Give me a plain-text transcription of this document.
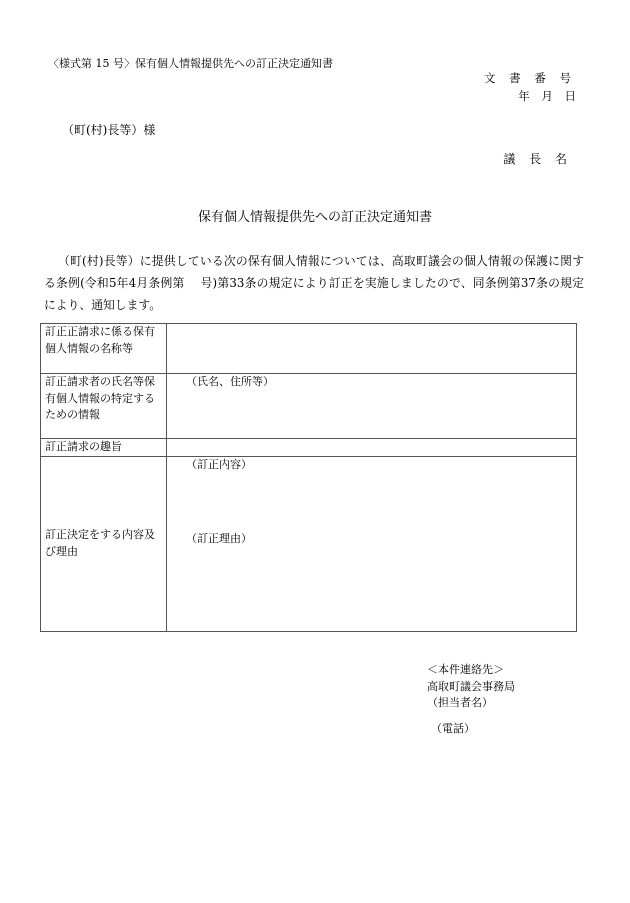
〈様式第 15 号〉保有個人情報提供先への訂正決定通知書
文 書 番 号
年 月 日
（町(村)長等）様
議 長 名
保有個人情報提供先への訂正決定通知書
（町(村)長等）に提供している次の保有個人情報については、高取町議会の個人情報の保護に関する条例(令和5年4月条例第　 号)第33条の規定により訂正を実施しましたので、同条例第37条の規定により、通知します。
訂正正請求に係る保有個人情報の名称等	
訂正請求者の氏名等保有個人情報の特定するための情報	（氏名、住所等）

訂正請求の趣旨	
訂正決定をする内容及び理由	（訂正内容）
（訂正理由）
＜本件連絡先＞
高取町議会事務局
（担当者名）
（電話）
